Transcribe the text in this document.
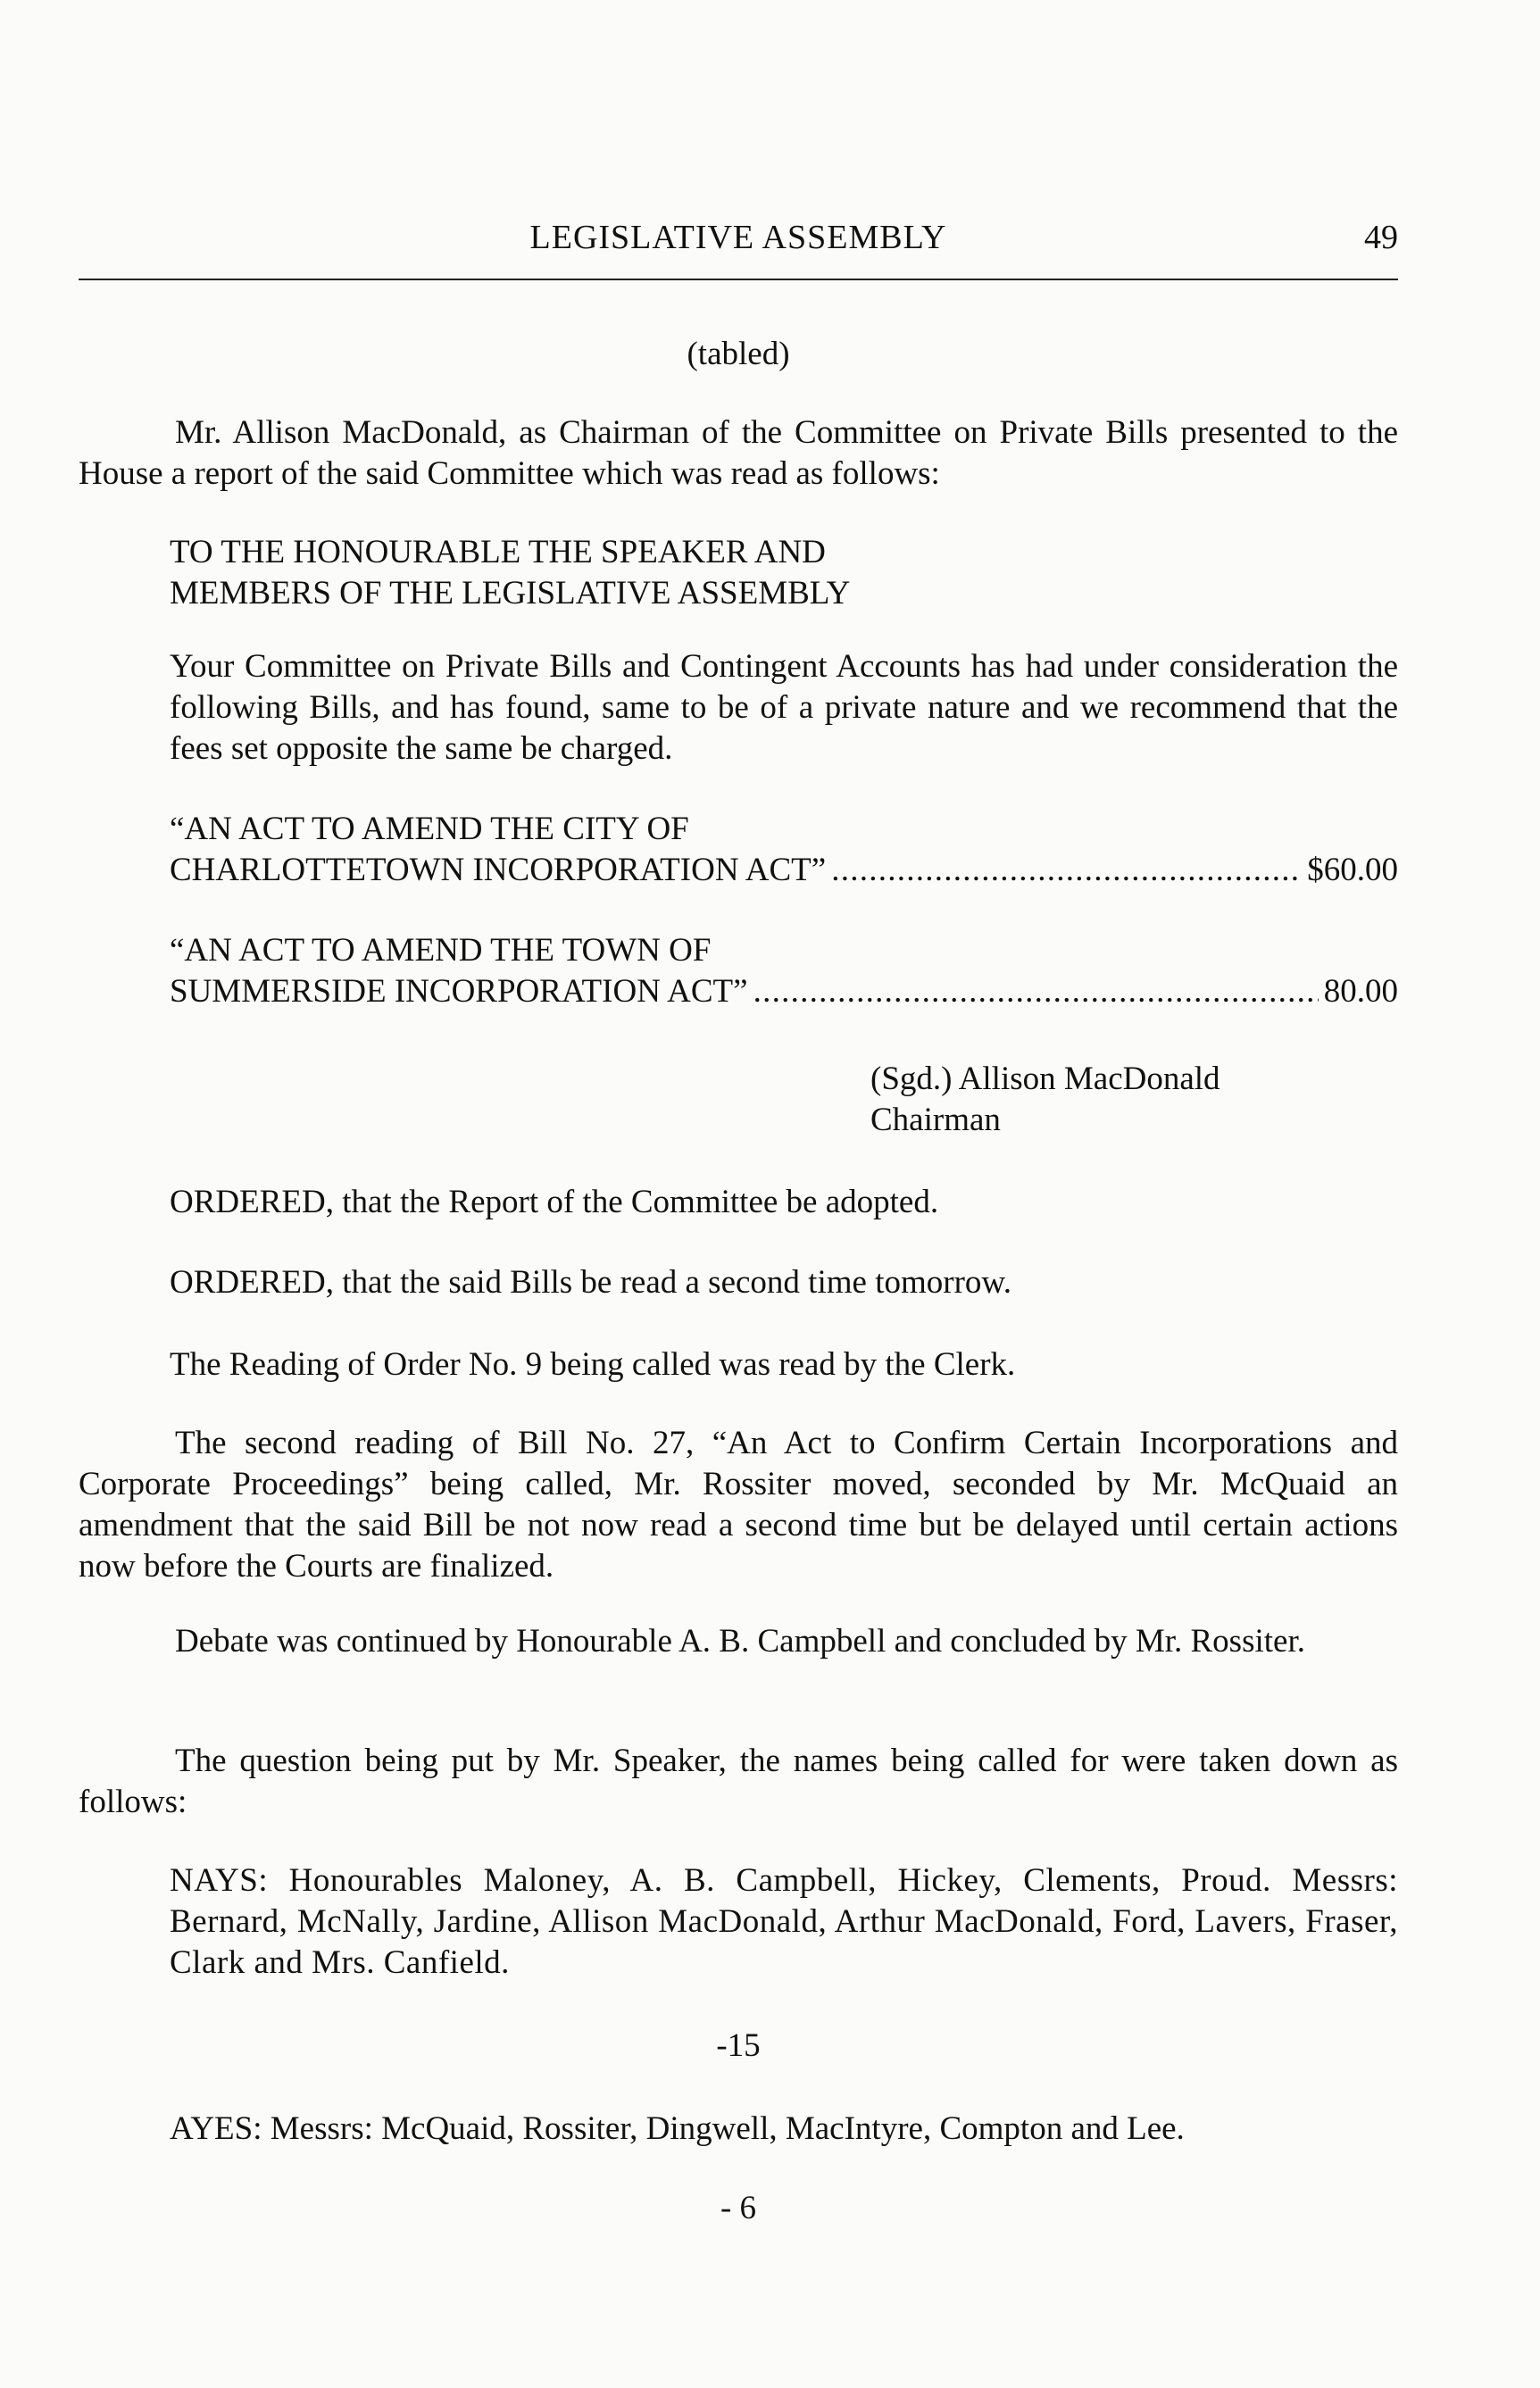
LEGISLATIVE ASSEMBLY	49
(tabled)

Mr. Allison MacDonald, as Chairman of the Committee on Private Bills presented to the House a report of the said Committee which was read as follows:

TO THE HONOURABLE THE SPEAKER AND
MEMBERS OF THE LEGISLATIVE ASSEMBLY

Your Committee on Private Bills and Contingent Accounts has had under consideration the following Bills, and has found, same to be of a private nature and we recommend that the fees set opposite the same be charged.

“AN ACT TO AMEND THE CITY OF
CHARLOTTETOWN INCORPORATION ACT” . . .	$60.00
“AN ACT TO AMEND THE TOWN OF
SUMMERSIDE INCORPORATION ACT” . . .	80.00
(Sgd.) Allison MacDonald
Chairman
ORDERED, that the Report of the Committee be adopted.
ORDERED, that the said Bills be read a second time tomorrow.
The Reading of Order No. 9 being called was read by the Clerk.

The second reading of Bill No. 27, “An Act to Confirm Certain Incorporations and Corporate Proceedings” being called, Mr. Rossiter moved, seconded by Mr. McQuaid an amendment that the said Bill be not now read a second time but be delayed until certain actions now before the Courts are finalized.

Debate was continued by Honourable A. B. Campbell and concluded by Mr. Rossiter.

The question being put by Mr. Speaker, the names being called for were taken down as follows:

NAYS: Honourables Maloney, A. B. Campbell, Hickey, Clements, Proud. Messrs: Bernard, McNally, Jardine, Allison MacDonald, Arthur MacDonald, Ford, Lavers, Fraser, Clark and Mrs. Canfield.

-15
AYES: Messrs: McQuaid, Rossiter, Dingwell, MacIntyre, Compton and Lee.
- 6
